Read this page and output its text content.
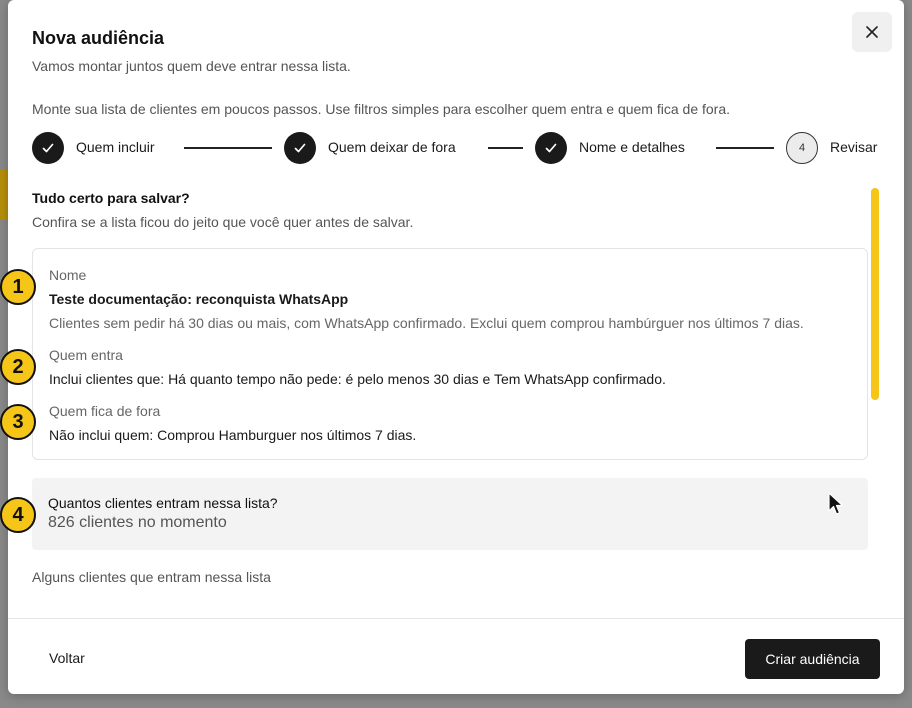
Nova audiência
Vamos montar juntos quem deve entrar nessa lista.
Monte sua lista de clientes em poucos passos. Use filtros simples para escolher quem entra e quem fica de fora.
Quem incluir	Quem deixar de fora	Nome e detalhes	4	Revisar
Tudo certo para salvar?
Confira se a lista ficou do jeito que você quer antes de salvar.
Nome
Teste documentação: reconquista WhatsApp
Clientes sem pedir há 30 dias ou mais, com WhatsApp confirmado. Exclui quem comprou hambúrguer nos últimos 7 dias.
Quem entra
Inclui clientes que: Há quanto tempo não pede: é pelo menos 30 dias e Tem WhatsApp confirmado.
Quem fica de fora
Não inclui quem: Comprou Hamburguer nos últimos 7 dias.
Quantos clientes entram nessa lista?
826 clientes no momento
Alguns clientes que entram nessa lista
Voltar	Criar audiência
1
2
3
4
